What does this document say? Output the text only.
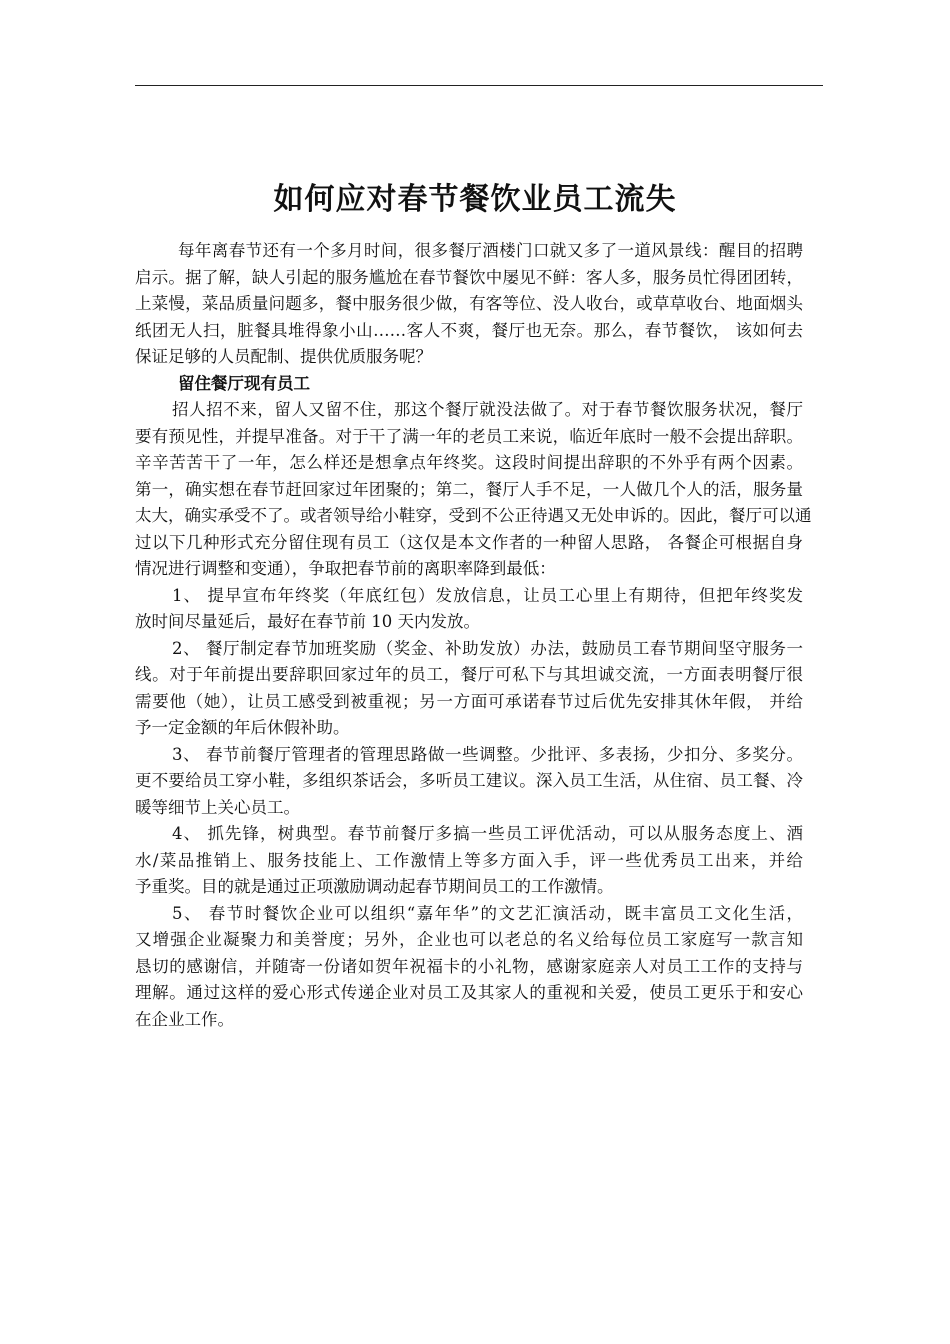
如何应对春节餐饮业员工流失
每年离春节还有一个多月时间，很多餐厅酒楼门口就又多了一道风景线：醒目的招聘
启示。据了解，缺人引起的服务尴尬在春节餐饮中屡见不鲜：客人多，服务员忙得团团转，
上菜慢，菜品质量问题多，餐中服务很少做，有客等位、没人收台，或草草收台、地面烟头
纸团无人扫，脏餐具堆得象小山……客人不爽，餐厅也无奈。那么，春节餐饮， 该如何去
保证足够的人员配制、提供优质服务呢？
留住餐厅现有员工
招人招不来，留人又留不住，那这个餐厅就没法做了。对于春节餐饮服务状况，餐厅
要有预见性，并提早准备。对于干了满一年的老员工来说，临近年底时一般不会提出辞职。
辛辛苦苦干了一年，怎么样还是想拿点年终奖。这段时间提出辞职的不外乎有两个因素。
第一，确实想在春节赶回家过年团聚的；第二，餐厅人手不足，一人做几个人的活，服务量
太大，确实承受不了。或者领导给小鞋穿，受到不公正待遇又无处申诉的。因此，餐厅可以通
过以下几种形式充分留住现有员工（这仅是本文作者的一种留人思路， 各餐企可根据自身
情况进行调整和变通），争取把春节前的离职率降到最低：
1、 提早宣布年终奖（年底红包）发放信息，让员工心里上有期待，但把年终奖发
放时间尽量延后，最好在春节前 10 天内发放。
2、 餐厅制定春节加班奖励（奖金、补助发放）办法，鼓励员工春节期间坚守服务一
线。对于年前提出要辞职回家过年的员工，餐厅可私下与其坦诚交流，一方面表明餐厅很
需要他（她），让员工感受到被重视；另一方面可承诺春节过后优先安排其休年假， 并给
予一定金额的年后休假补助。
3、 春节前餐厅管理者的管理思路做一些调整。少批评、多表扬，少扣分、多奖分。
更不要给员工穿小鞋，多组织茶话会，多听员工建议。深入员工生活，从住宿、员工餐、冷
暖等细节上关心员工。
4、 抓先锋，树典型。春节前餐厅多搞一些员工评优活动，可以从服务态度上、酒
水/菜品推销上、服务技能上、工作激情上等多方面入手，评一些优秀员工出来，并给
予重奖。目的就是通过正项激励调动起春节期间员工的工作激情。
5、 春节时餐饮企业可以组织“嘉年华”的文艺汇演活动，既丰富员工文化生活，
又增强企业凝聚力和美誉度；另外，企业也可以老总的名义给每位员工家庭写一款言知
恳切的感谢信，并随寄一份诸如贺年祝福卡的小礼物，感谢家庭亲人对员工工作的支持与
理解。通过这样的爱心形式传递企业对员工及其家人的重视和关爱，使员工更乐于和安心
在企业工作。
